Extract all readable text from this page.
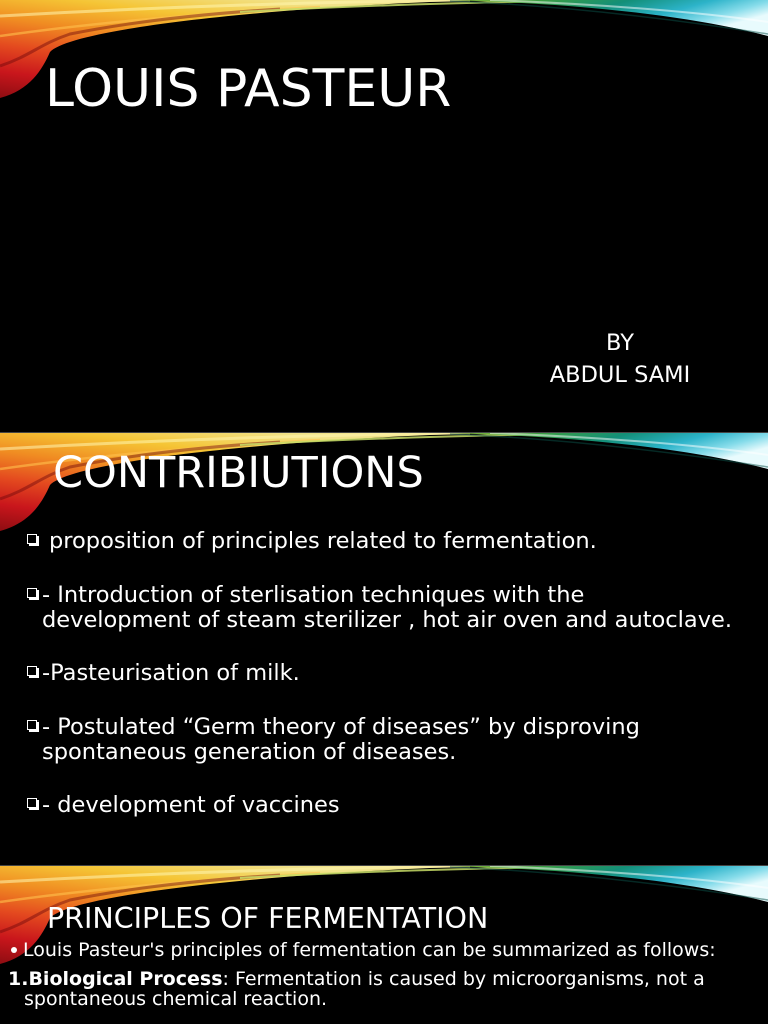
LOUIS PASTEUR
BY
ABDUL SAMI
CONTRIBIUTIONS
proposition of principles related to fermentation.
- Introduction of sterlisation techniques with the
development of steam sterilizer , hot air oven and autoclave.
-Pasteurisation of milk.
- Postulated “Germ theory of diseases” by disproving
spontaneous generation of diseases.
- development of vaccines
PRINCIPLES OF FERMENTATION
Louis Pasteur's principles of fermentation can be summarized as follows:
1.Biological Process: Fermentation is caused by microorganisms, not a
spontaneous chemical reaction.
